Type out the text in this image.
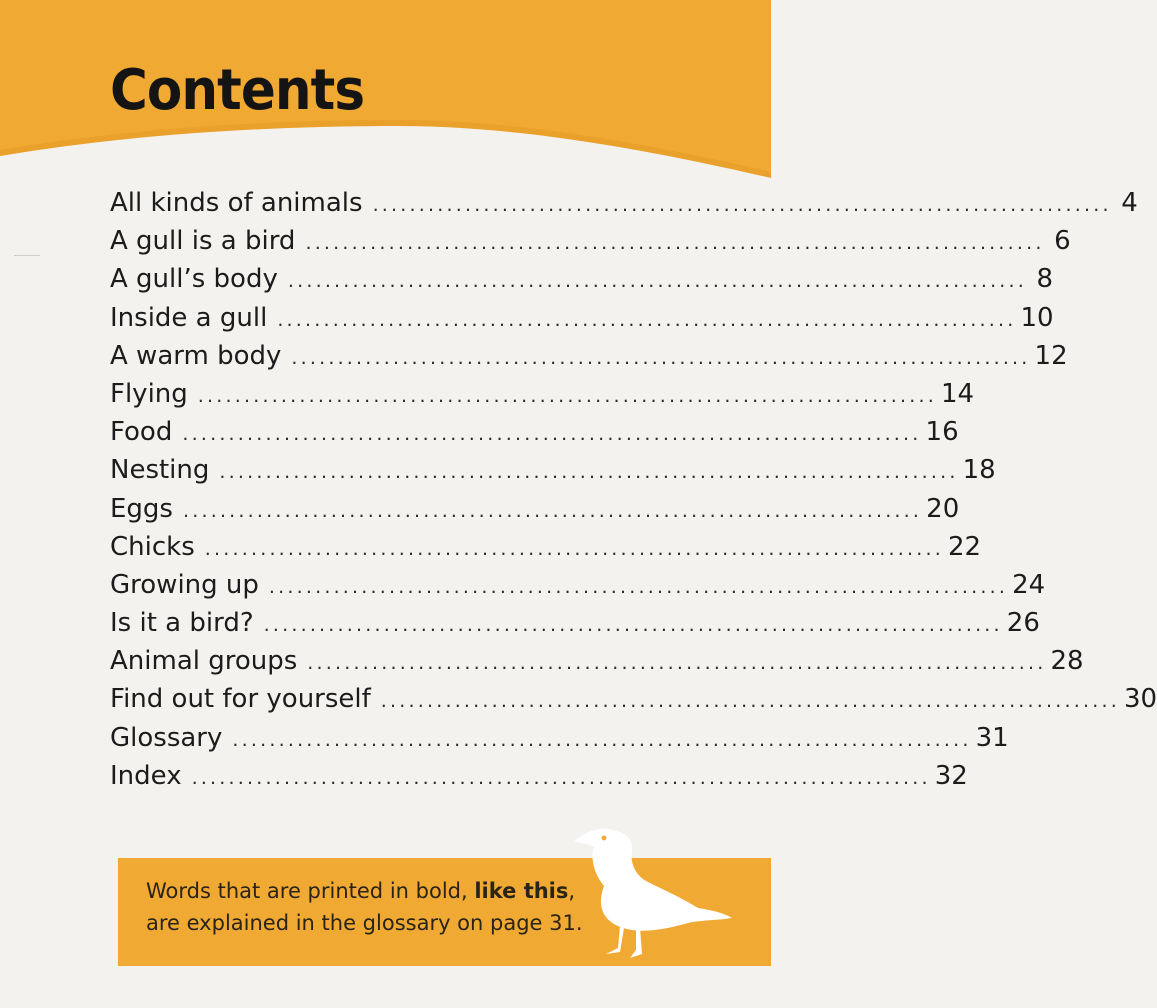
Contents
All kinds of animals ................................................................................ 4
A gull is a bird ................................................................................ 6
A gull’s body ................................................................................ 8
Inside a gull ................................................................................ 10
A warm body ................................................................................ 12
Flying ................................................................................ 14
Food ................................................................................ 16
Nesting ................................................................................ 18
Eggs ................................................................................ 20
Chicks ................................................................................ 22
Growing up ................................................................................ 24
Is it a bird? ................................................................................ 26
Animal groups ................................................................................ 28
Find out for yourself ................................................................................ 30
Glossary ................................................................................ 31
Index ................................................................................ 32
Words that are printed in bold, like this,
are explained in the glossary on page 31.
